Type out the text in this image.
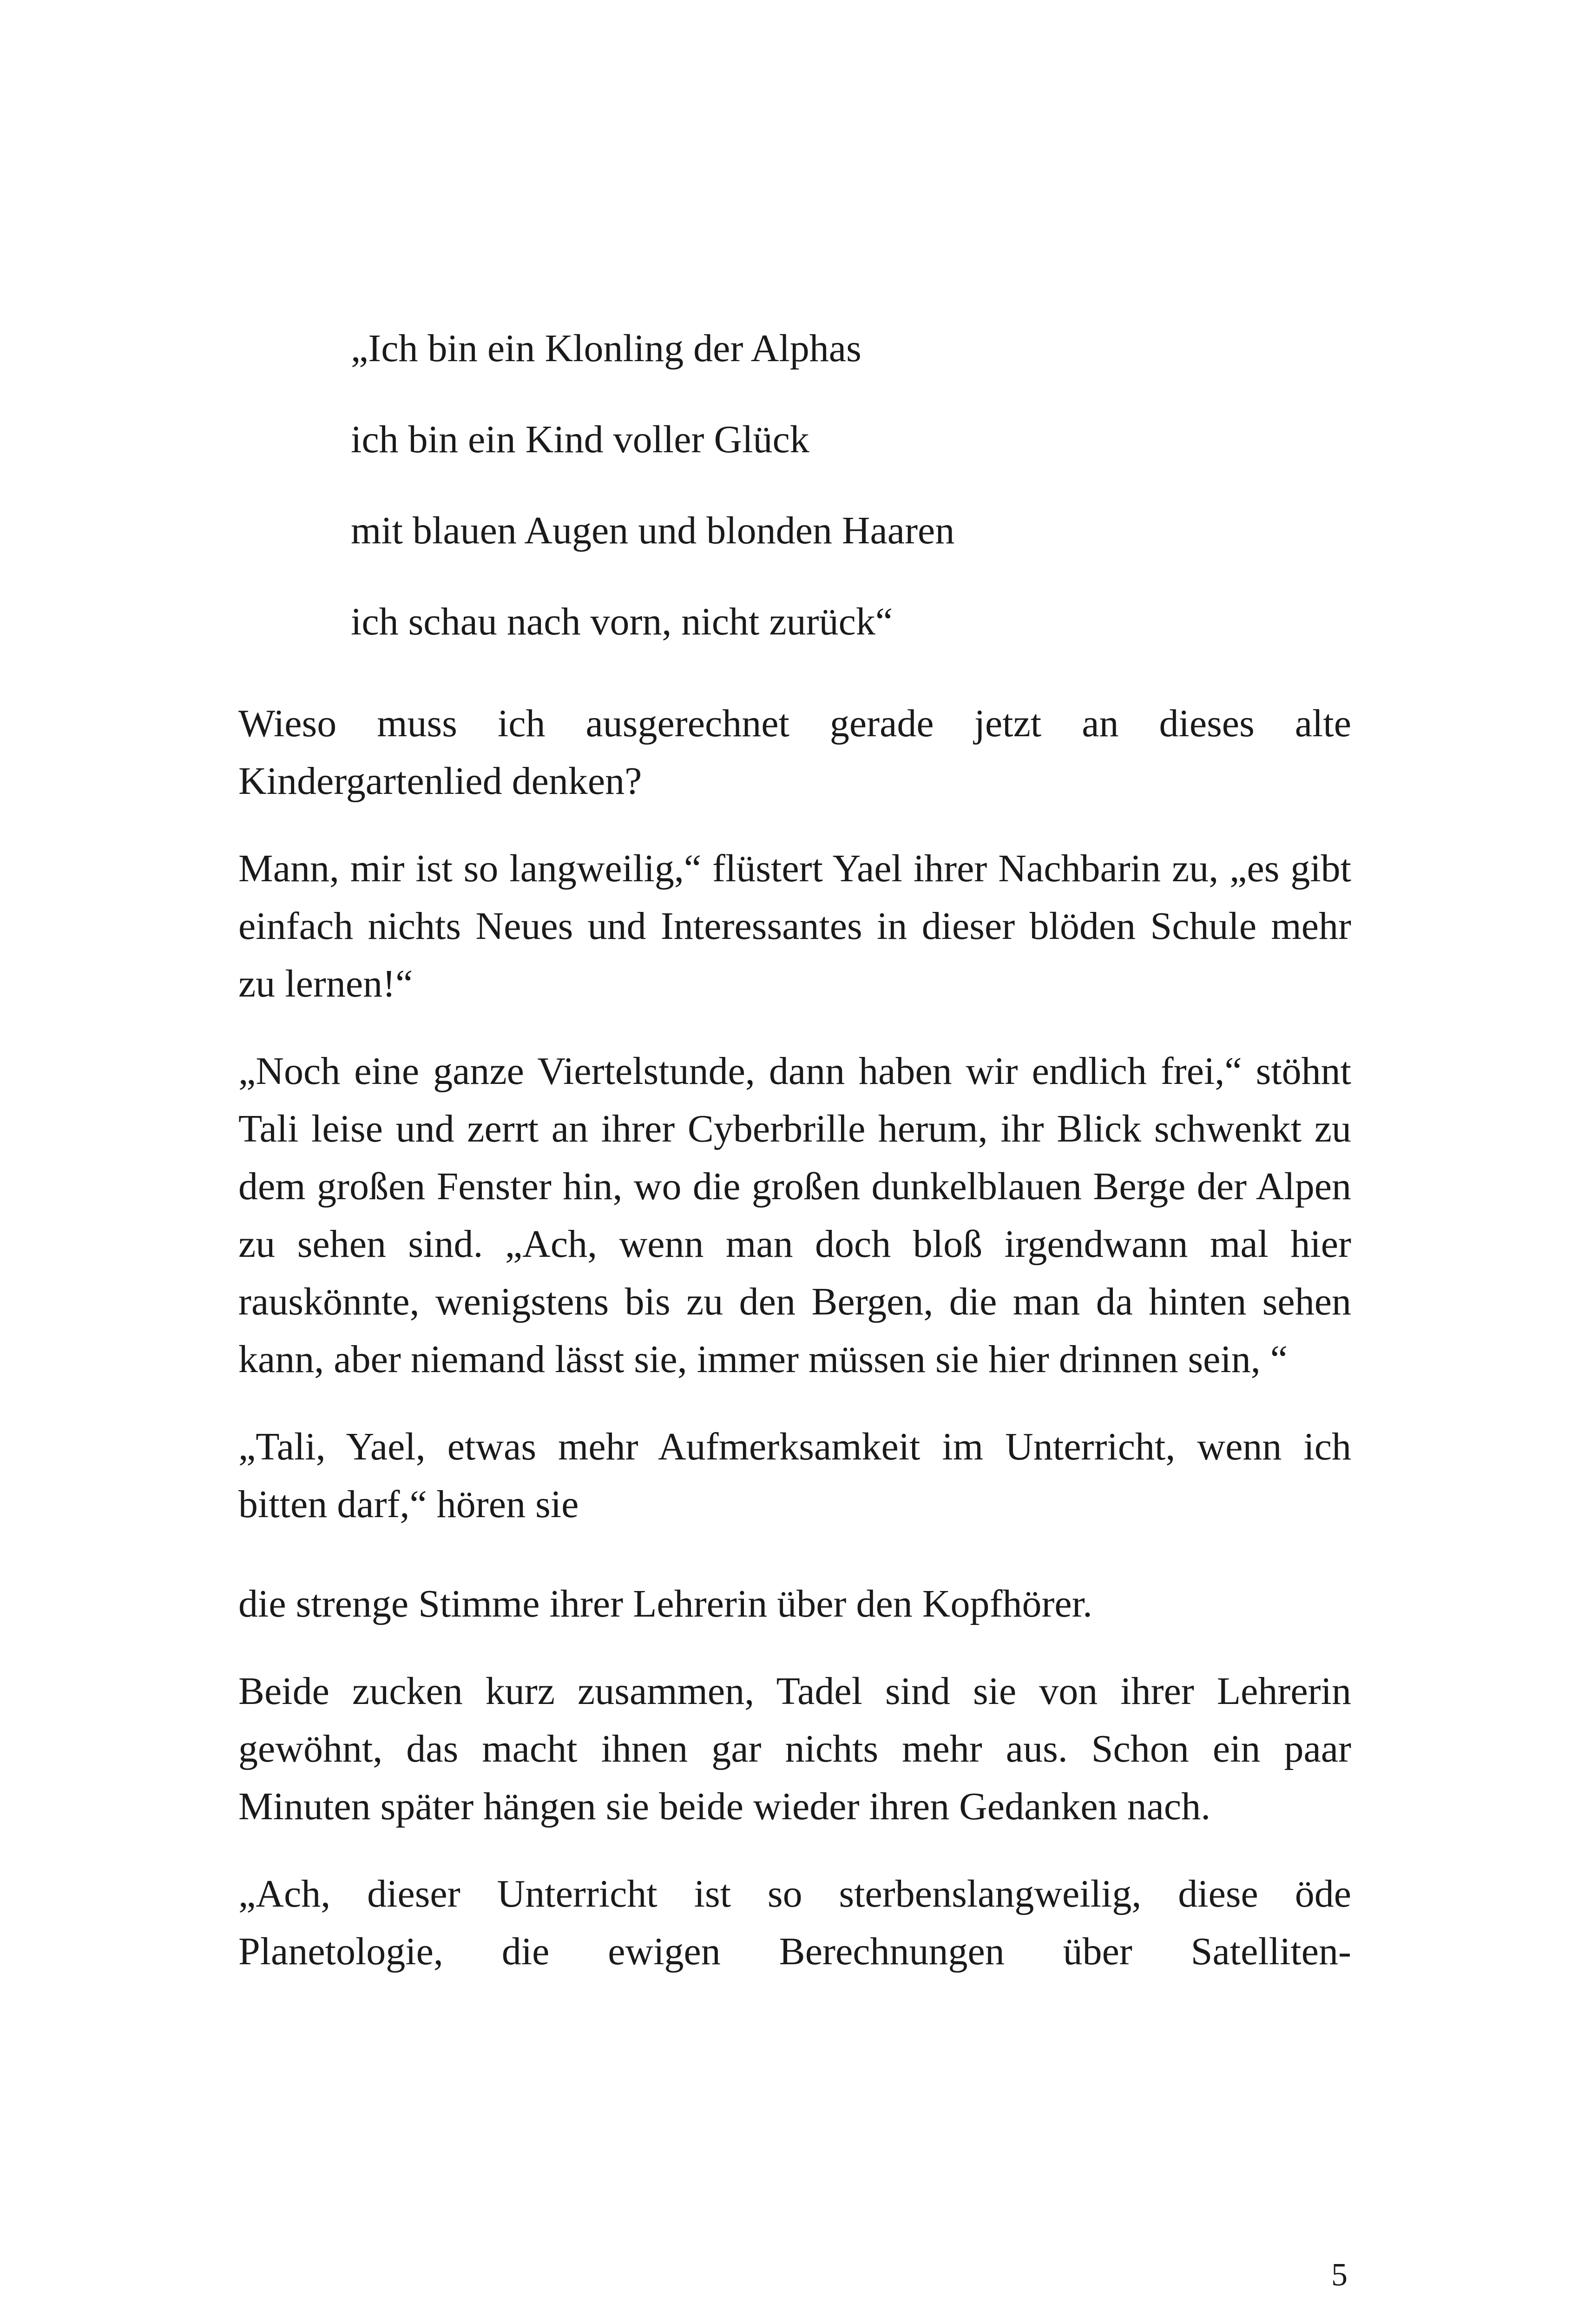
„Ich bin ein Klonling der Alphas
ich bin ein Kind voller Glück
mit blauen Augen und blonden Haaren
ich schau nach vorn, nicht zurück“

Wieso muss ich ausgerechnet gerade jetzt an dieses alte Kindergartenlied denken?

Mann, mir ist so langweilig,“ flüstert Yael ihrer Nachbarin zu, „es gibt einfach nichts Neues und Interessantes in dieser blöden Schule mehr zu lernen!“

„Noch eine ganze Viertelstunde, dann haben wir endlich frei,“ stöhnt Tali leise und zerrt an ihrer Cyberbrille herum, ihr Blick schwenkt zu dem großen Fenster hin, wo die großen dunkelblauen Berge der Alpen zu sehen sind. „Ach, wenn man doch bloß irgendwann mal hier rauskönnte, wenigstens bis zu den Bergen, die man da hinten sehen kann, aber niemand lässt sie, immer müssen sie hier drinnen sein, “

„Tali, Yael, etwas mehr Aufmerksamkeit im Unterricht, wenn ich bitten darf,“ hören sie

die strenge Stimme ihrer Lehrerin über den Kopfhörer.

Beide zucken kurz zusammen, Tadel sind sie von ihrer Lehrerin gewöhnt, das macht ihnen gar nichts mehr aus. Schon ein paar Minuten später hängen sie beide wieder ihren Gedanken nach.

„Ach, dieser Unterricht ist so sterbenslangweilig, diese öde Planetologie, die ewigen Berechnungen über Satelliten-

5
